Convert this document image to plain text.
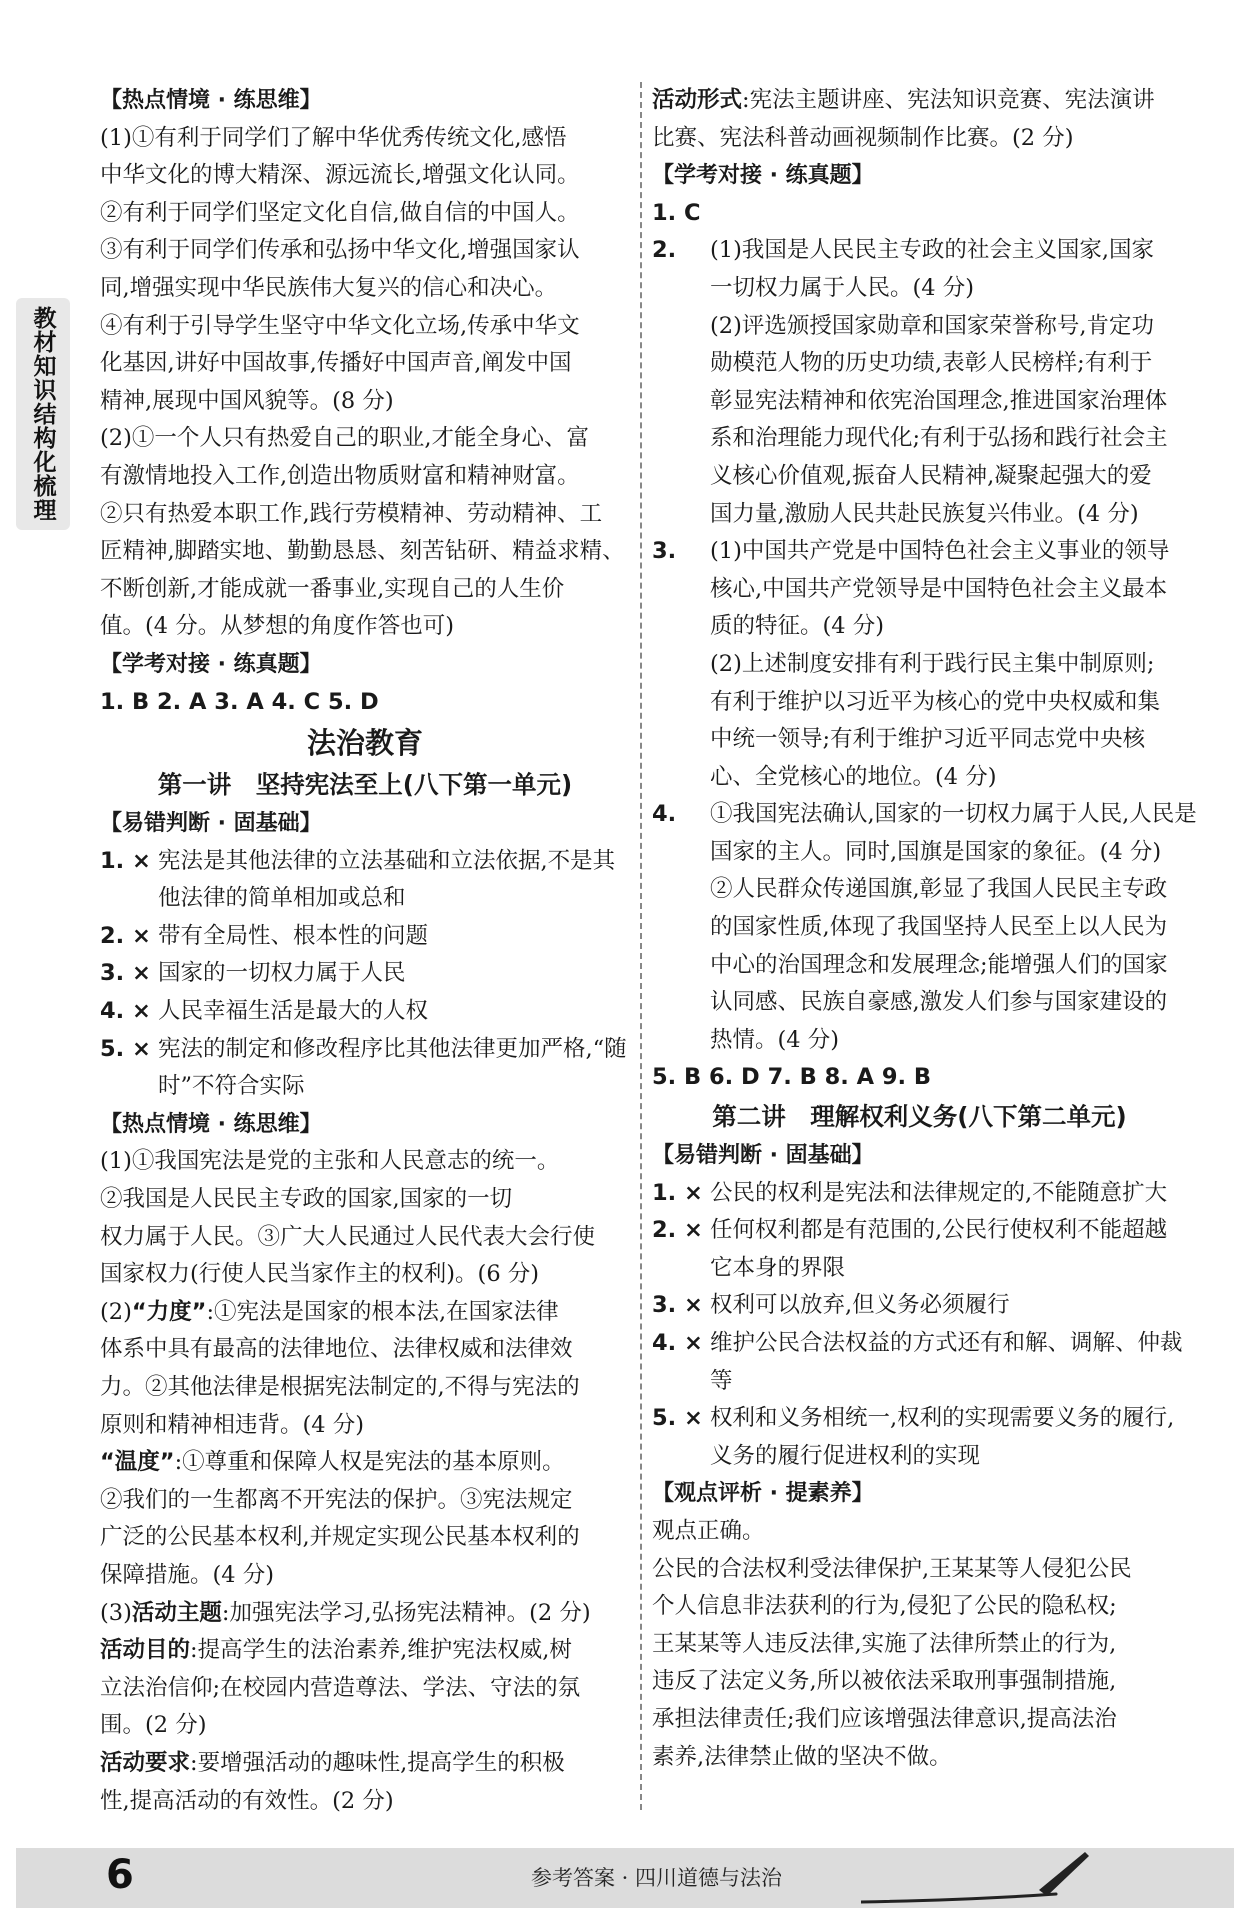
教材知识结构化梳理
【热点情境 · 练思维】
(1)①有利于同学们了解中华优秀传统文化,感悟
中华文化的博大精深、源远流长,增强文化认同。
②有利于同学们坚定文化自信,做自信的中国人。
③有利于同学们传承和弘扬中华文化,增强国家认
同,增强实现中华民族伟大复兴的信心和决心。
④有利于引导学生坚守中华文化立场,传承中华文
化基因,讲好中国故事,传播好中国声音,阐发中国
精神,展现中国风貌等。(8 分)
(2)①一个人只有热爱自己的职业,才能全身心、富
有激情地投入工作,创造出物质财富和精神财富。
②只有热爱本职工作,践行劳模精神、劳动精神、工
匠精神,脚踏实地、勤勤恳恳、刻苦钻研、精益求精、
不断创新,才能成就一番事业,实现自己的人生价
值。(4 分。从梦想的角度作答也可)
【学考对接 · 练真题】
1. B 2. A 3. A 4. C 5. D
法治教育
第一讲　坚持宪法至上(八下第一单元)
【易错判断 · 固基础】
1. × 宪法是其他法律的立法基础和立法依据,不是其他法律的简单相加或总和
2. × 带有全局性、根本性的问题
3. × 国家的一切权力属于人民
4. × 人民幸福生活是最大的人权
5. × 宪法的制定和修改程序比其他法律更加严格,“随时”不符合实际
【热点情境 · 练思维】
(1)①我国宪法是党的主张和人民意志的统一。
②我国是人民民主专政的国家,国家的一切
权力属于人民。③广大人民通过人民代表大会行使
国家权力(行使人民当家作主的权利)。(6 分)
(2)“力度”:①宪法是国家的根本法,在国家法律
体系中具有最高的法律地位、法律权威和法律效
力。②其他法律是根据宪法制定的,不得与宪法的
原则和精神相违背。(4 分)
“温度”:①尊重和保障人权是宪法的基本原则。
②我们的一生都离不开宪法的保护。③宪法规定
广泛的公民基本权利,并规定实现公民基本权利的
保障措施。(4 分)
(3)活动主题:加强宪法学习,弘扬宪法精神。(2 分)
活动目的:提高学生的法治素养,维护宪法权威,树
立法治信仰;在校园内营造尊法、学法、守法的氛
围。(2 分)
活动要求:要增强活动的趣味性,提高学生的积极
性,提高活动的有效性。(2 分)
活动形式:宪法主题讲座、宪法知识竞赛、宪法演讲
比赛、宪法科普动画视频制作比赛。(2 分)
【学考对接 · 练真题】
1. C
2.	(1)我国是人民民主专政的社会主义国家,国家
一切权力属于人民。(4 分)
(2)评选颁授国家勋章和国家荣誉称号,肯定功
勋模范人物的历史功绩,表彰人民榜样;有利于
彰显宪法精神和依宪治国理念,推进国家治理体
系和治理能力现代化;有利于弘扬和践行社会主
义核心价值观,振奋人民精神,凝聚起强大的爱
国力量,激励人民共赴民族复兴伟业。(4 分)
3.	(1)中国共产党是中国特色社会主义事业的领导
核心,中国共产党领导是中国特色社会主义最本
质的特征。(4 分)
(2)上述制度安排有利于践行民主集中制原则;
有利于维护以习近平为核心的党中央权威和集
中统一领导;有利于维护习近平同志党中央核
心、全党核心的地位。(4 分)
4.	①我国宪法确认,国家的一切权力属于人民,人民是
国家的主人。同时,国旗是国家的象征。(4 分)
②人民群众传递国旗,彰显了我国人民民主专政
的国家性质,体现了我国坚持人民至上以人民为
中心的治国理念和发展理念;能增强人们的国家
认同感、民族自豪感,激发人们参与国家建设的
热情。(4 分)
5. B 6. D 7. B 8. A 9. B
第二讲　理解权利义务(八下第二单元)
【易错判断 · 固基础】
1. × 公民的权利是宪法和法律规定的,不能随意扩大
2. × 任何权利都是有范围的,公民行使权利不能超越它本身的界限
3. × 权利可以放弃,但义务必须履行
4. × 维护公民合法权益的方式还有和解、调解、仲裁等
5. × 权利和义务相统一,权利的实现需要义务的履行,义务的履行促进权利的实现
【观点评析 · 提素养】
观点正确。
公民的合法权利受法律保护,王某某等人侵犯公民
个人信息非法获利的行为,侵犯了公民的隐私权;
王某某等人违反法律,实施了法律所禁止的行为,
违反了法定义务,所以被依法采取刑事强制措施,
承担法律责任;我们应该增强法律意识,提高法治
素养,法律禁止做的坚决不做。
6	参考答案 · 四川道德与法治
